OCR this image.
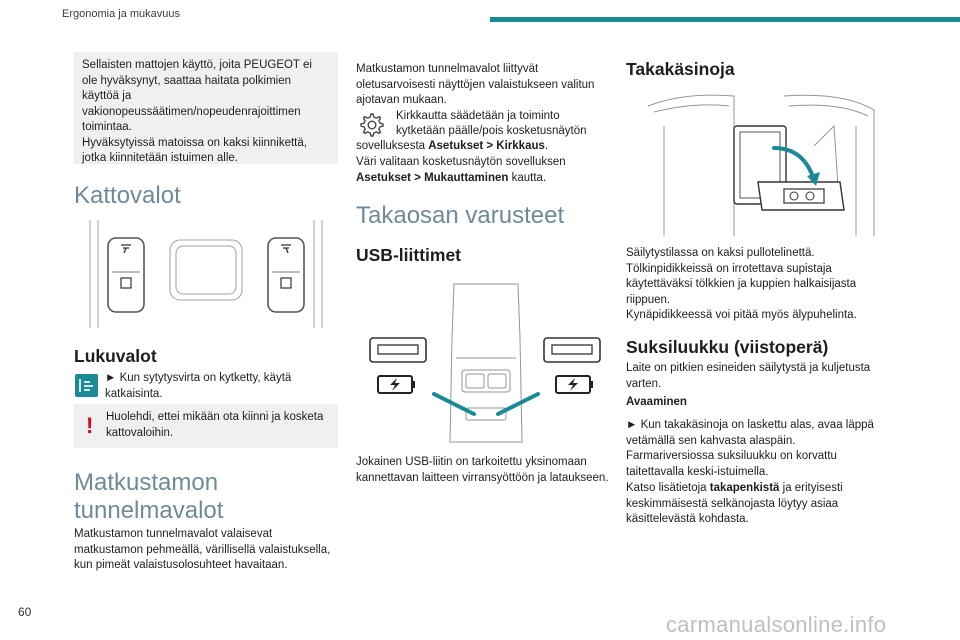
Ergonomia ja mukavuus
Sellaisten mattojen käyttö, joita PEUGEOT ei ole hyväksynyt, saattaa haitata polkimien käyttöä ja vakionopeussäätimen/nopeudenrajoittimen toimintaa.
Hyväksytyissä matoissa on kaksi kiinnikettä, jotka kiinnitetään istuimen alle.
Kattovalot
Lukuvalot
► Kun sytytysvirta on kytketty, käytä katkaisinta.
! Huolehdi, ettei mikään ota kiinni ja kosketa kattovaloihin.
Matkustamon tunnelmavalot
Matkustamon tunnelmavalot valaisevat matkustamon pehmeällä, värillisellä valaistuksella, kun pimeät valaistusolosuhteet havaitaan.
Matkustamon tunnelmavalot liittyvät oletusarvoisesti näyttöjen valaistukseen valitun ajotavan mukaan.
Kirkkautta säädetään ja toiminto
kytketään päälle/pois kosketusnäytön
sovelluksesta Asetukset > Kirkkaus.
Väri valitaan kosketusnäytön sovelluksen Asetukset > Mukauttaminen kautta.
Takaosan varusteet
USB-liittimet
Jokainen USB-liitin on tarkoitettu yksinomaan kannettavan laitteen virransyöttöön ja lataukseen.
Takakäsinoja
Säilytystilassa on kaksi pullotelinettä.
Tölkinpidikkeissä on irrotettava supistaja käytettäväksi tölkkien ja kuppien halkaisijasta riippuen.
Kynäpidikkeessä voi pitää myös älypuhelinta.
Suksiluukku (viistoperä)
Laite on pitkien esineiden säilytystä ja kuljetusta varten.
Avaaminen
► Kun takakäsinoja on laskettu alas, avaa läppä vetämällä sen kahvasta alaspäin.
Farmariversiossa suksiluukku on korvattu taitettavalla keski-istuimella.
Katso lisätietoja takapenkistä ja erityisesti keskimmäisestä selkänojasta löytyy asiaa käsittelevästä kohdasta.
60	carmanualsonline.info
